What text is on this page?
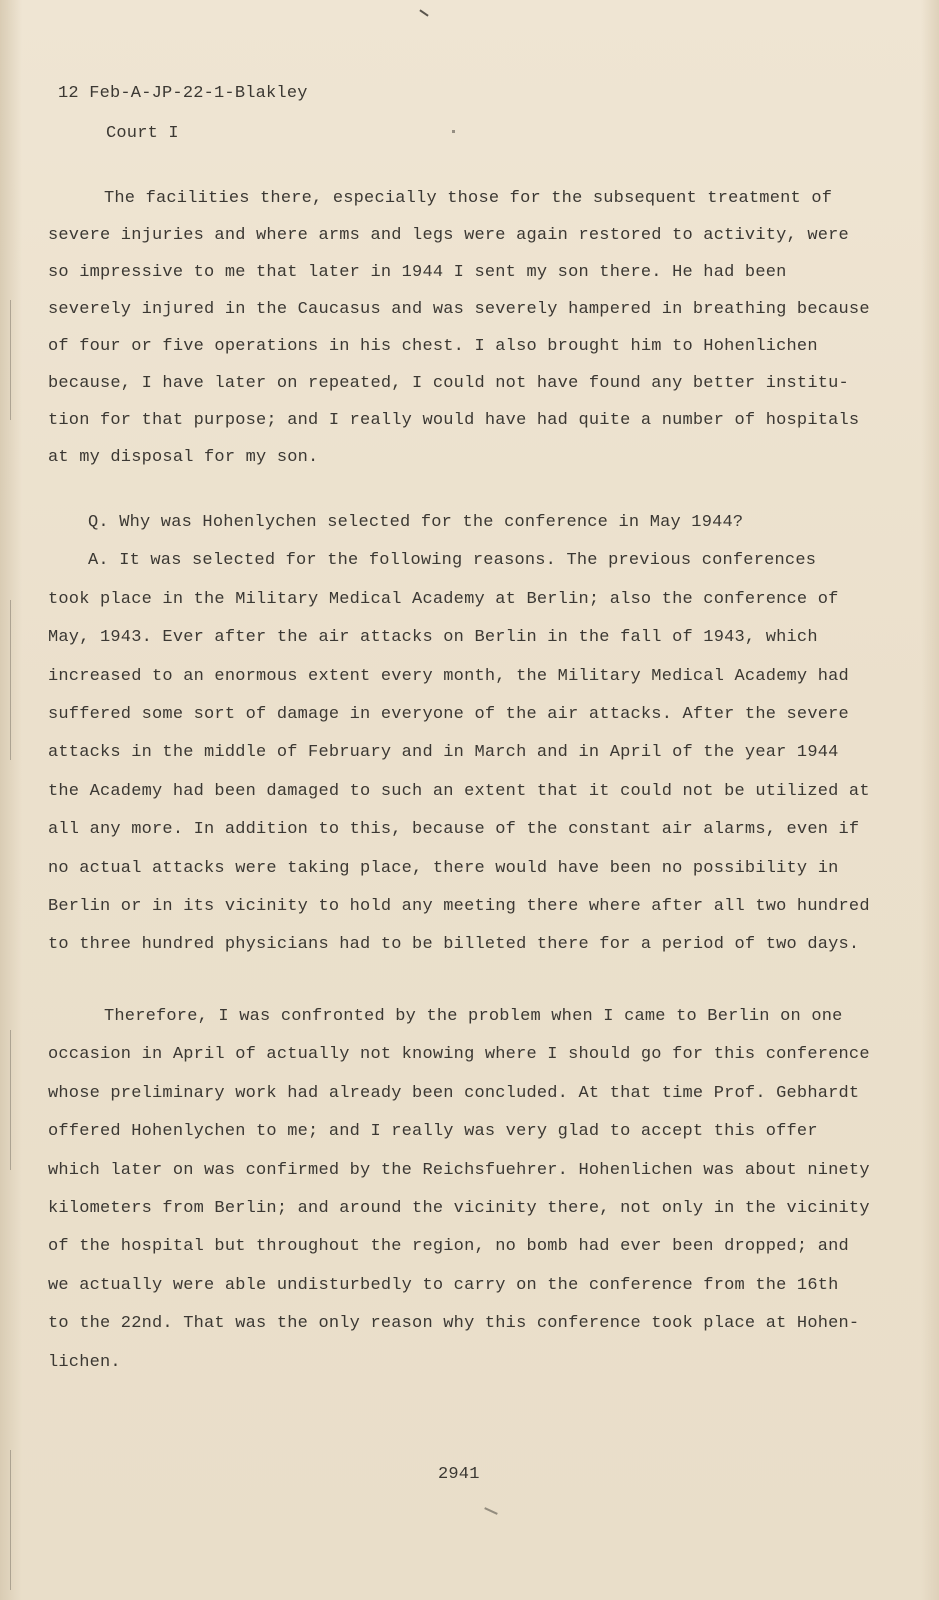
12 Feb-A-JP-22-1-Blakley

Court I

The facilities there, especially those for the subsequent treatment of
severe injuries and where arms and legs were again restored to activity, were
so impressive to me that later in 1944 I sent my son there. He had been
severely injured in the Caucasus and was severely hampered in breathing because
of four or five operations in his chest. I also brought him to Hohenlichen
because, I have later on repeated, I could not have found any better institu-
tion for that purpose; and I really would have had quite a number of hospitals
at my disposal for my son.
Q. Why was Hohenlychen selected for the conference in May 1944?
A. It was selected for the following reasons. The previous conferences
took place in the Military Medical Academy at Berlin; also the conference of
May, 1943. Ever after the air attacks on Berlin in the fall of 1943, which
increased to an enormous extent every month, the Military Medical Academy had
suffered some sort of damage in everyone of the air attacks. After the severe
attacks in the middle of February and in March and in April of the year 1944
the Academy had been damaged to such an extent that it could not be utilized at
all any more. In addition to this, because of the constant air alarms, even if
no actual attacks were taking place, there would have been no possibility in
Berlin or in its vicinity to hold any meeting there where after all two hundred
to three hundred physicians had to be billeted there for a period of two days.
Therefore, I was confronted by the problem when I came to Berlin on one
occasion in April of actually not knowing where I should go for this conference
whose preliminary work had already been concluded. At that time Prof. Gebhardt
offered Hohenlychen to me; and I really was very glad to accept this offer
which later on was confirmed by the Reichsfuehrer. Hohenlichen was about ninety
kilometers from Berlin; and around the vicinity there, not only in the vicinity
of the hospital but throughout the region, no bomb had ever been dropped; and
we actually were able undisturbedly to carry on the conference from the 16th
to the 22nd. That was the only reason why this conference took place at Hohen-
lichen.

2941
